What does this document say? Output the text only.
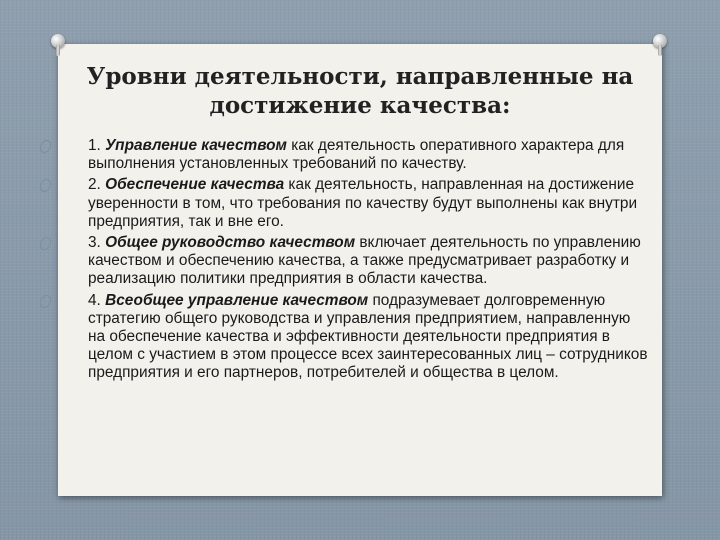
Уровни деятельности, направленные на
достижение качества:
1. Управление качеством как деятельность оперативного характера для выполнения установленных требований по качеству.
2. Обеспечение качества как деятельность, направленная на достижение уверенности в том, что требования по качеству будут выполнены как внутри предприятия, так и вне его.
3. Общее руководство качеством включает деятельность по управлению качеством и обеспечению качества, а также предусматривает разработку и реализацию политики предприятия в области качества.
4. Всеобщее управление качеством подразумевает долговременную стратегию общего руководства и управления предприятием, направленную на обеспечение качества и эффективности деятельности предприятия в целом с участием в этом процессе всех заинтересованных лиц – сотрудников предприятия и его партнеров, потребителей и общества в целом.
